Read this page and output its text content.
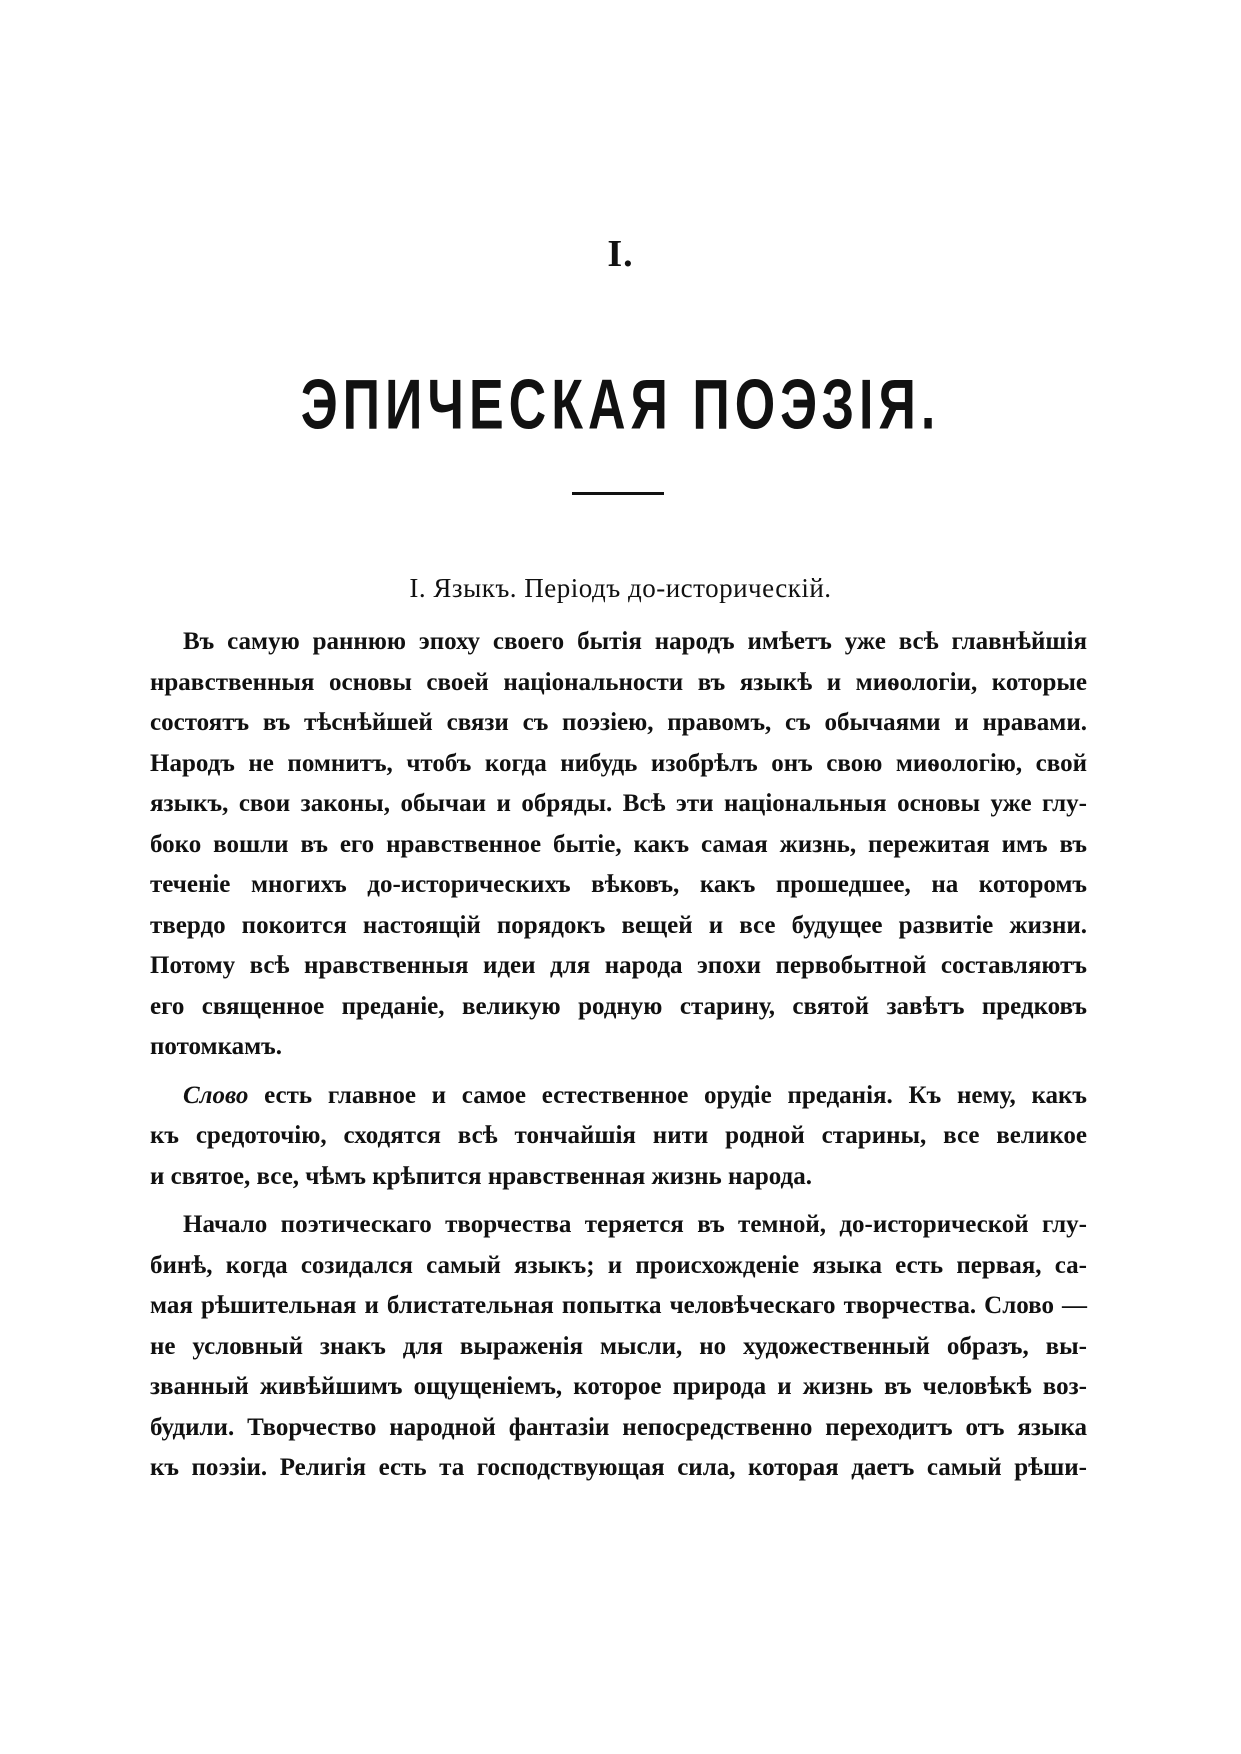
I.
ЭПИЧЕСКАЯ ПОЭЗІЯ.
I. Языкъ. Періодъ до-историческій.
Въ самую раннюю эпоху своего бытія народъ имѣетъ уже всѣ главнѣйшія
нравственныя основы своей національности въ языкѣ и миѳологіи, которые
состоятъ въ тѣснѣйшей связи съ поэзіею, правомъ, съ обычаями и нравами.
Народъ не помнитъ, чтобъ когда нибудь изобрѣлъ онъ свою миѳологію, свой
языкъ, свои законы, обычаи и обряды. Всѣ эти національныя основы уже глу-
боко вошли въ его нравственное бытіе, какъ самая жизнь, пережитая имъ въ
теченіе многихъ до-историческихъ вѣковъ, какъ прошедшее, на которомъ
твердо покоится настоящій порядокъ вещей и все будущее развитіе жизни.
Потому всѣ нравственныя идеи для народа эпохи первобытной составляютъ
его священное преданіе, великую родную старину, святой завѣтъ предковъ
потомкамъ.
Слово есть главное и самое естественное орудіе преданія. Къ нему, какъ
къ средоточію, сходятся всѣ тончайшія нити родной старины, все великое
и святое, все, чѣмъ крѣпится нравственная жизнь народа.
Начало поэтическаго творчества теряется въ темной, до-исторической глу-
бинѣ, когда созидался самый языкъ; и происхожденіе языка есть первая, са-
мая рѣшительная и блистательная попытка человѣческаго творчества. Слово —
не условный знакъ для выраженія мысли, но художественный образъ, вы-
званный живѣйшимъ ощущеніемъ, которое природа и жизнь въ человѣкѣ воз-
будили. Творчество народной фантазіи непосредственно переходитъ отъ языка
къ поэзіи. Религія есть та господствующая сила, которая даетъ самый рѣши-
